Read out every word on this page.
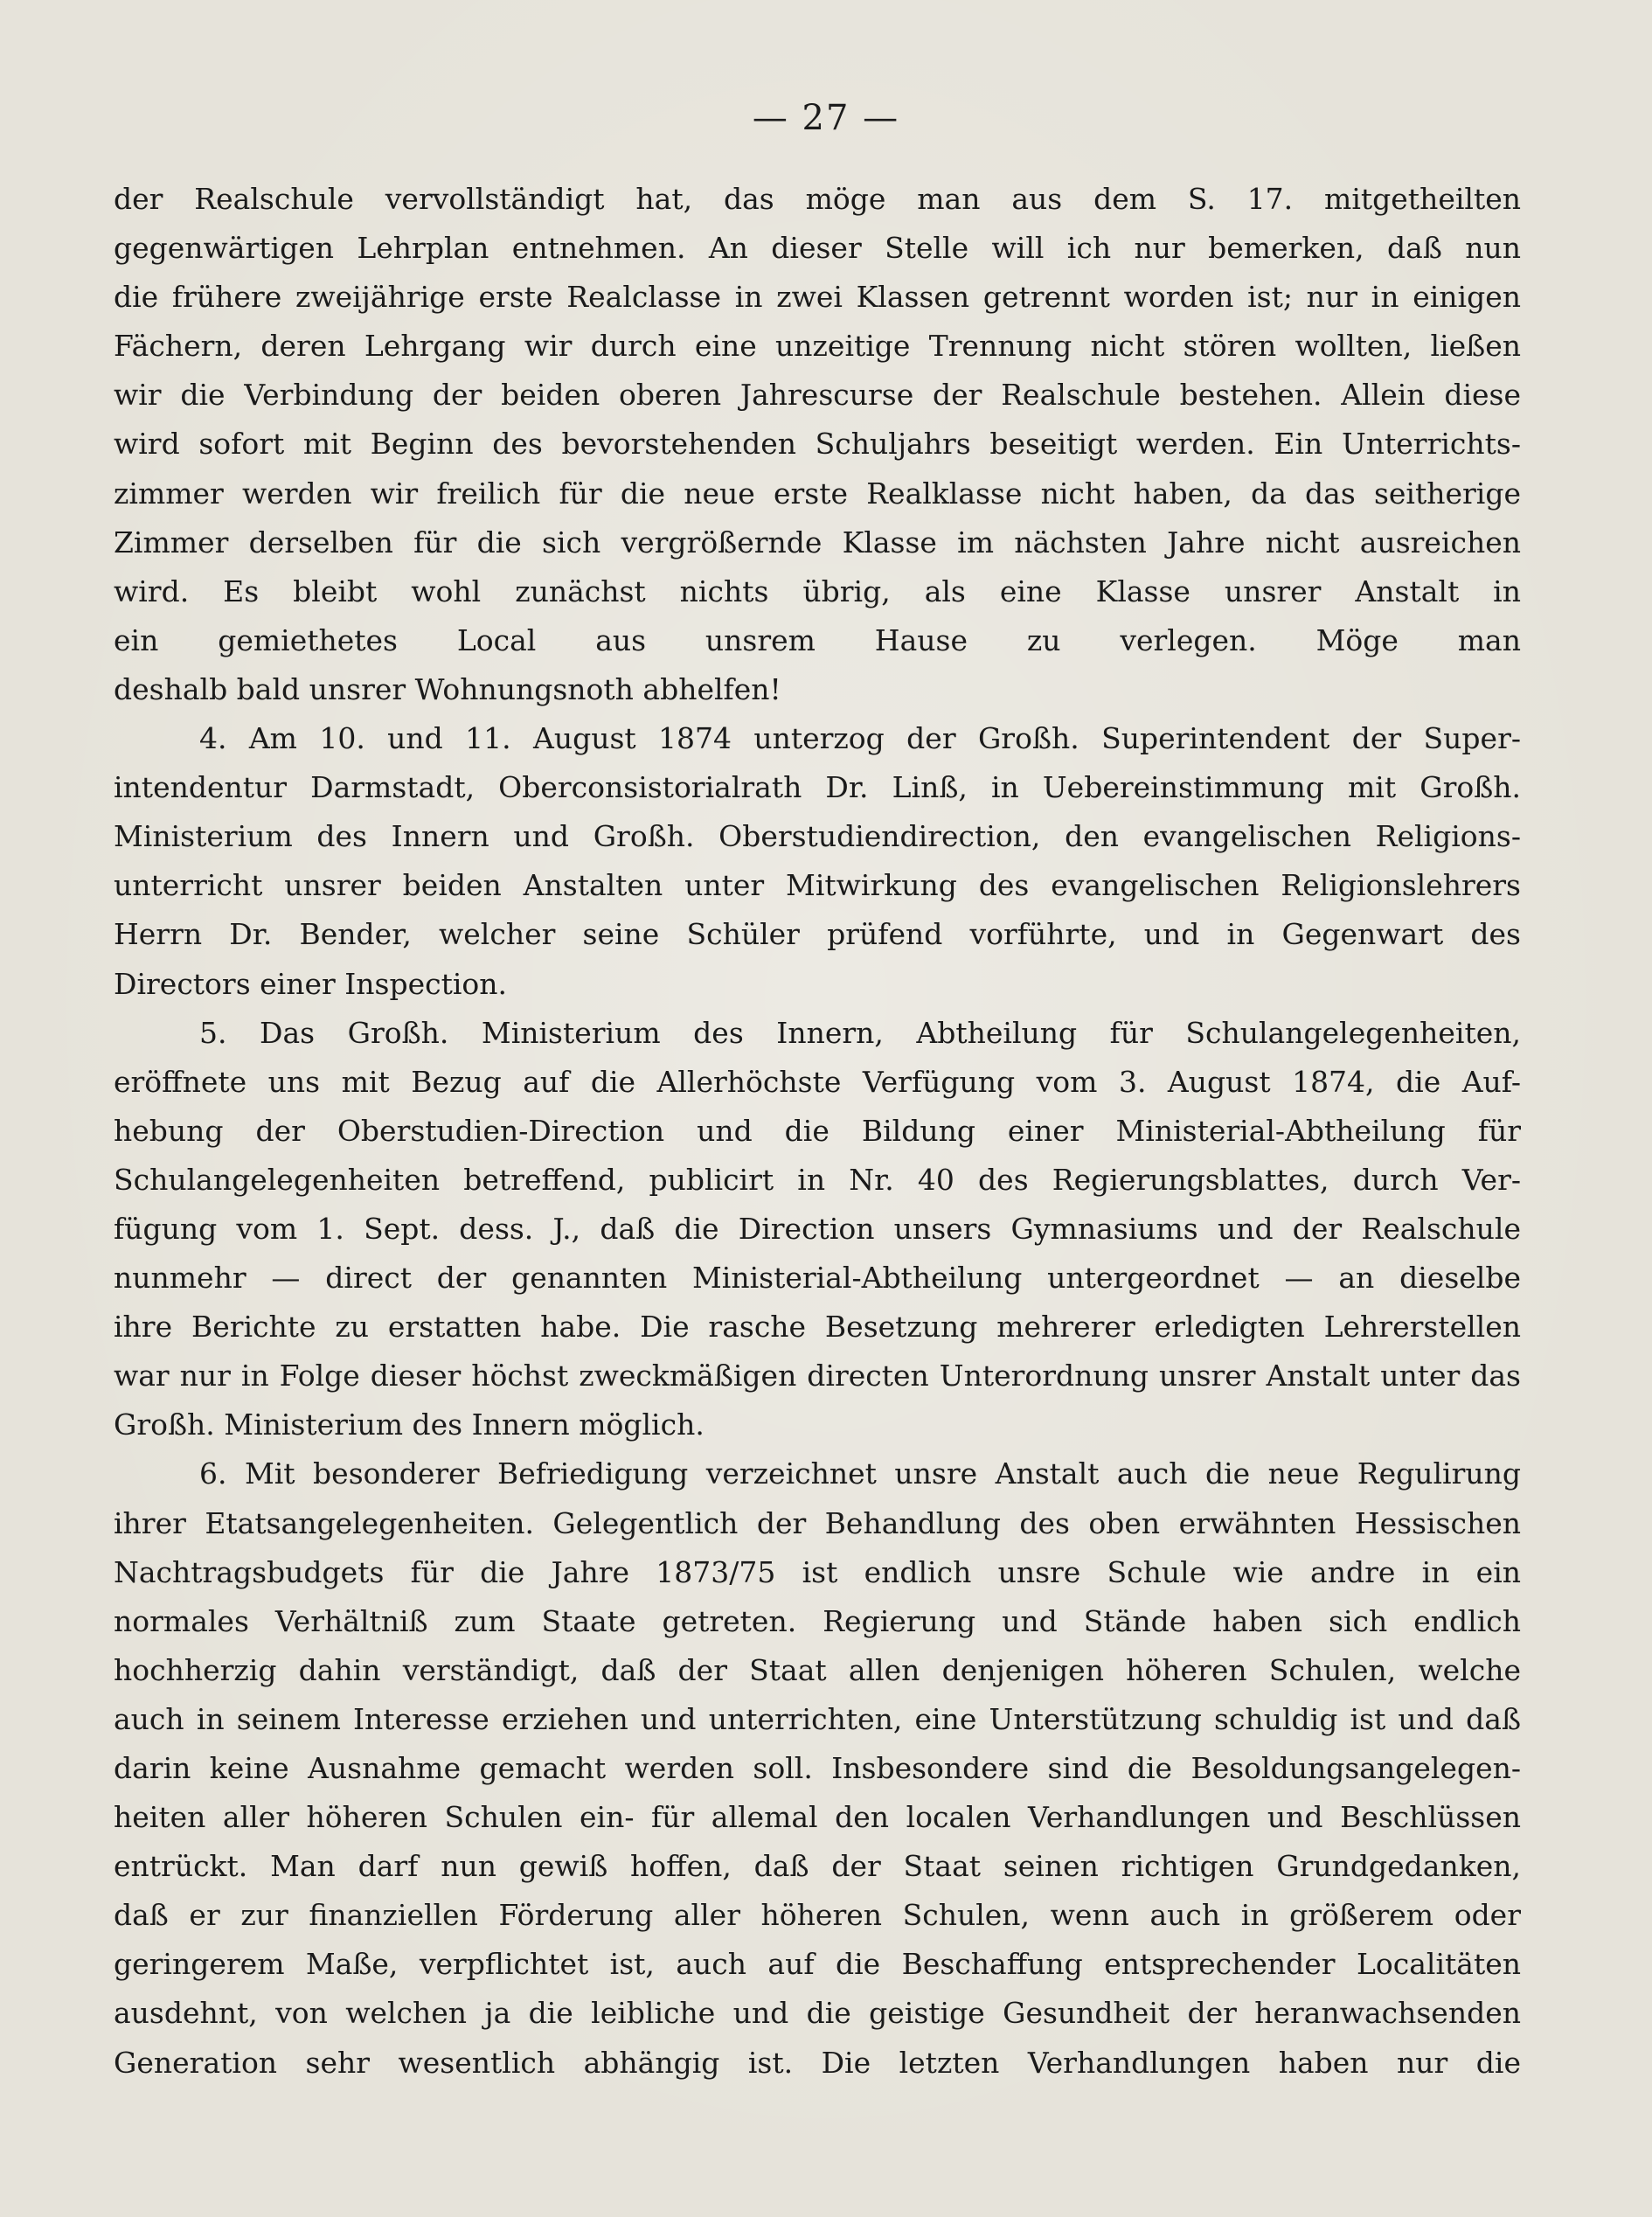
— 27 —
der Realschule vervollständigt hat, das möge man aus dem S. 17. mitgetheilten
gegenwärtigen Lehrplan entnehmen. An dieser Stelle will ich nur bemerken, daß nun
die frühere zweijährige erste Realclasse in zwei Klassen getrennt worden ist; nur in einigen
Fächern, deren Lehrgang wir durch eine unzeitige Trennung nicht stören wollten, ließen
wir die Verbindung der beiden oberen Jahrescurse der Realschule bestehen. Allein diese
wird sofort mit Beginn des bevorstehenden Schuljahrs beseitigt werden. Ein Unterrichts-
zimmer werden wir freilich für die neue erste Realklasse nicht haben, da das seitherige
Zimmer derselben für die sich vergrößernde Klasse im nächsten Jahre nicht ausreichen
wird. Es bleibt wohl zunächst nichts übrig, als eine Klasse unsrer Anstalt in
ein gemiethetes Local aus unsrem Hause zu verlegen. Möge man
deshalb bald unsrer Wohnungsnoth abhelfen!
4. Am 10. und 11. August 1874 unterzog der Großh. Superintendent der Super-
intendentur Darmstadt, Oberconsistorialrath Dr. Linß, in Uebereinstimmung mit Großh.
Ministerium des Innern und Großh. Oberstudiendirection, den evangelischen Religions-
unterricht unsrer beiden Anstalten unter Mitwirkung des evangelischen Religionslehrers
Herrn Dr. Bender, welcher seine Schüler prüfend vorführte, und in Gegenwart des
Directors einer Inspection.
5. Das Großh. Ministerium des Innern, Abtheilung für Schulangelegenheiten,
eröffnete uns mit Bezug auf die Allerhöchste Verfügung vom 3. August 1874, die Auf-
hebung der Oberstudien-Direction und die Bildung einer Ministerial-Abtheilung für
Schulangelegenheiten betreffend, publicirt in Nr. 40 des Regierungsblattes, durch Ver-
fügung vom 1. Sept. dess. J., daß die Direction unsers Gymnasiums und der Realschule
nunmehr — direct der genannten Ministerial-Abtheilung untergeordnet — an dieselbe
ihre Berichte zu erstatten habe. Die rasche Besetzung mehrerer erledigten Lehrerstellen
war nur in Folge dieser höchst zweckmäßigen directen Unterordnung unsrer Anstalt unter das
Großh. Ministerium des Innern möglich.
6. Mit besonderer Befriedigung verzeichnet unsre Anstalt auch die neue Regulirung
ihrer Etatsangelegenheiten. Gelegentlich der Behandlung des oben erwähnten Hessischen
Nachtragsbudgets für die Jahre 1873/75 ist endlich unsre Schule wie andre in ein
normales Verhältniß zum Staate getreten. Regierung und Stände haben sich endlich
hochherzig dahin verständigt, daß der Staat allen denjenigen höheren Schulen, welche
auch in seinem Interesse erziehen und unterrichten, eine Unterstützung schuldig ist und daß
darin keine Ausnahme gemacht werden soll. Insbesondere sind die Besoldungsangelegen-
heiten aller höheren Schulen ein- für allemal den localen Verhandlungen und Beschlüssen
entrückt. Man darf nun gewiß hoffen, daß der Staat seinen richtigen Grundgedanken,
daß er zur finanziellen Förderung aller höheren Schulen, wenn auch in größerem oder
geringerem Maße, verpflichtet ist, auch auf die Beschaffung entsprechender Localitäten
ausdehnt, von welchen ja die leibliche und die geistige Gesundheit der heranwachsenden
Generation sehr wesentlich abhängig ist. Die letzten Verhandlungen haben nur die
